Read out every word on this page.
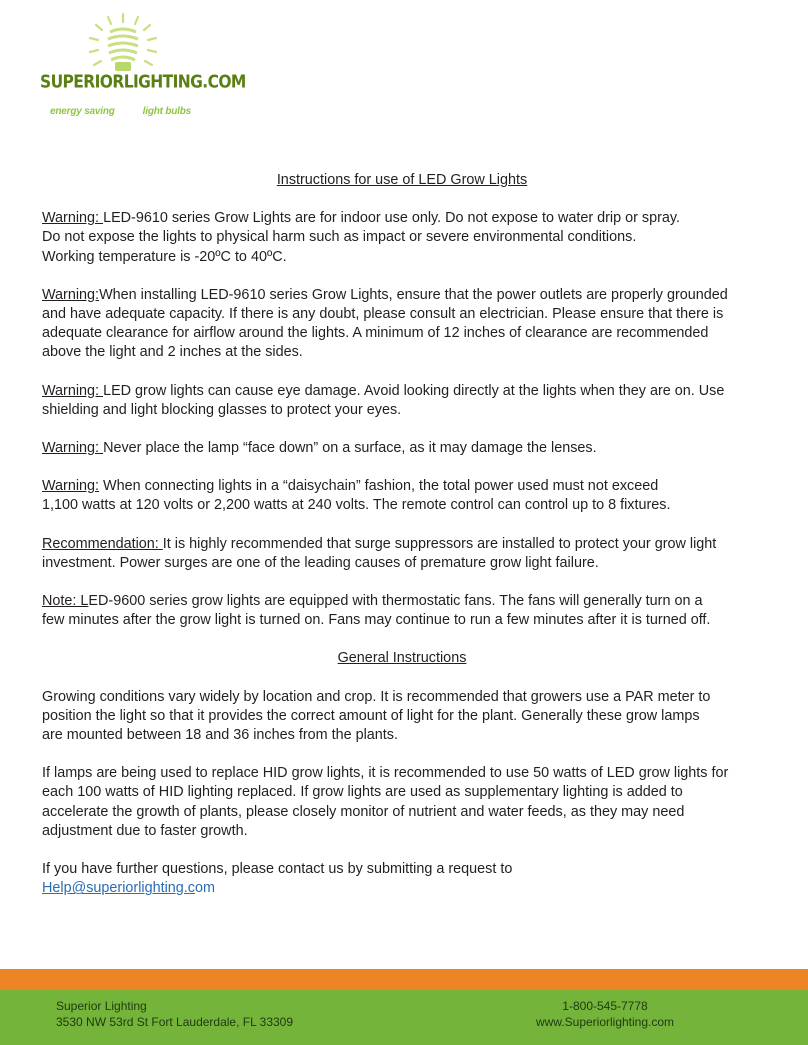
SUPERIORLIGHTING.COM
energy saving	light bulbs

Instructions for use of LED Grow Lights

Warning: LED-9610 series Grow Lights are for indoor use only. Do not expose to water drip or spray.
Do not expose the lights to physical harm such as impact or severe environmental conditions.
Working temperature is -20ºC to 40ºC.

Warning:When installing LED-9610 series Grow Lights, ensure that the power outlets are properly grounded
and have adequate capacity. If there is any doubt, please consult an electrician. Please ensure that there is
adequate clearance for airflow around the lights. A minimum of 12 inches of clearance are recommended
above the light and 2 inches at the sides.

Warning: LED grow lights can cause eye damage. Avoid looking directly at the lights when they are on. Use
shielding and light blocking glasses to protect your eyes.

Warning: Never place the lamp “face down” on a surface, as it may damage the lenses.

Warning: When connecting lights in a “daisychain” fashion, the total power used must not exceed
1,100 watts at 120 volts or 2,200 watts at 240 volts. The remote control can control up to 8 fixtures.

Recommendation: It is highly recommended that surge suppressors are installed to protect your grow light
investment. Power surges are one of the leading causes of premature grow light failure.

Note: LED-9600 series grow lights are equipped with thermostatic fans. The fans will generally turn on a
few minutes after the grow light is turned on. Fans may continue to run a few minutes after it is turned off.

General Instructions

Growing conditions vary widely by location and crop. It is recommended that growers use a PAR meter to
position the light so that it provides the correct amount of light for the plant. Generally these grow lamps
are mounted between 18 and 36 inches from the plants.

If lamps are being used to replace HID grow lights, it is recommended to use 50 watts of LED grow lights for
each 100 watts of HID lighting replaced. If grow lights are used as supplementary lighting is added to
accelerate the growth of plants, please closely monitor of nutrient and water feeds, as they may need
adjustment due to faster growth.

If you have further questions, please contact us by submitting a request to
Help@superiorlighting.com

Superior Lighting
3530 NW 53rd St Fort Lauderdale, FL 33309
1-800-545-7778
www.Superiorlighting.com
